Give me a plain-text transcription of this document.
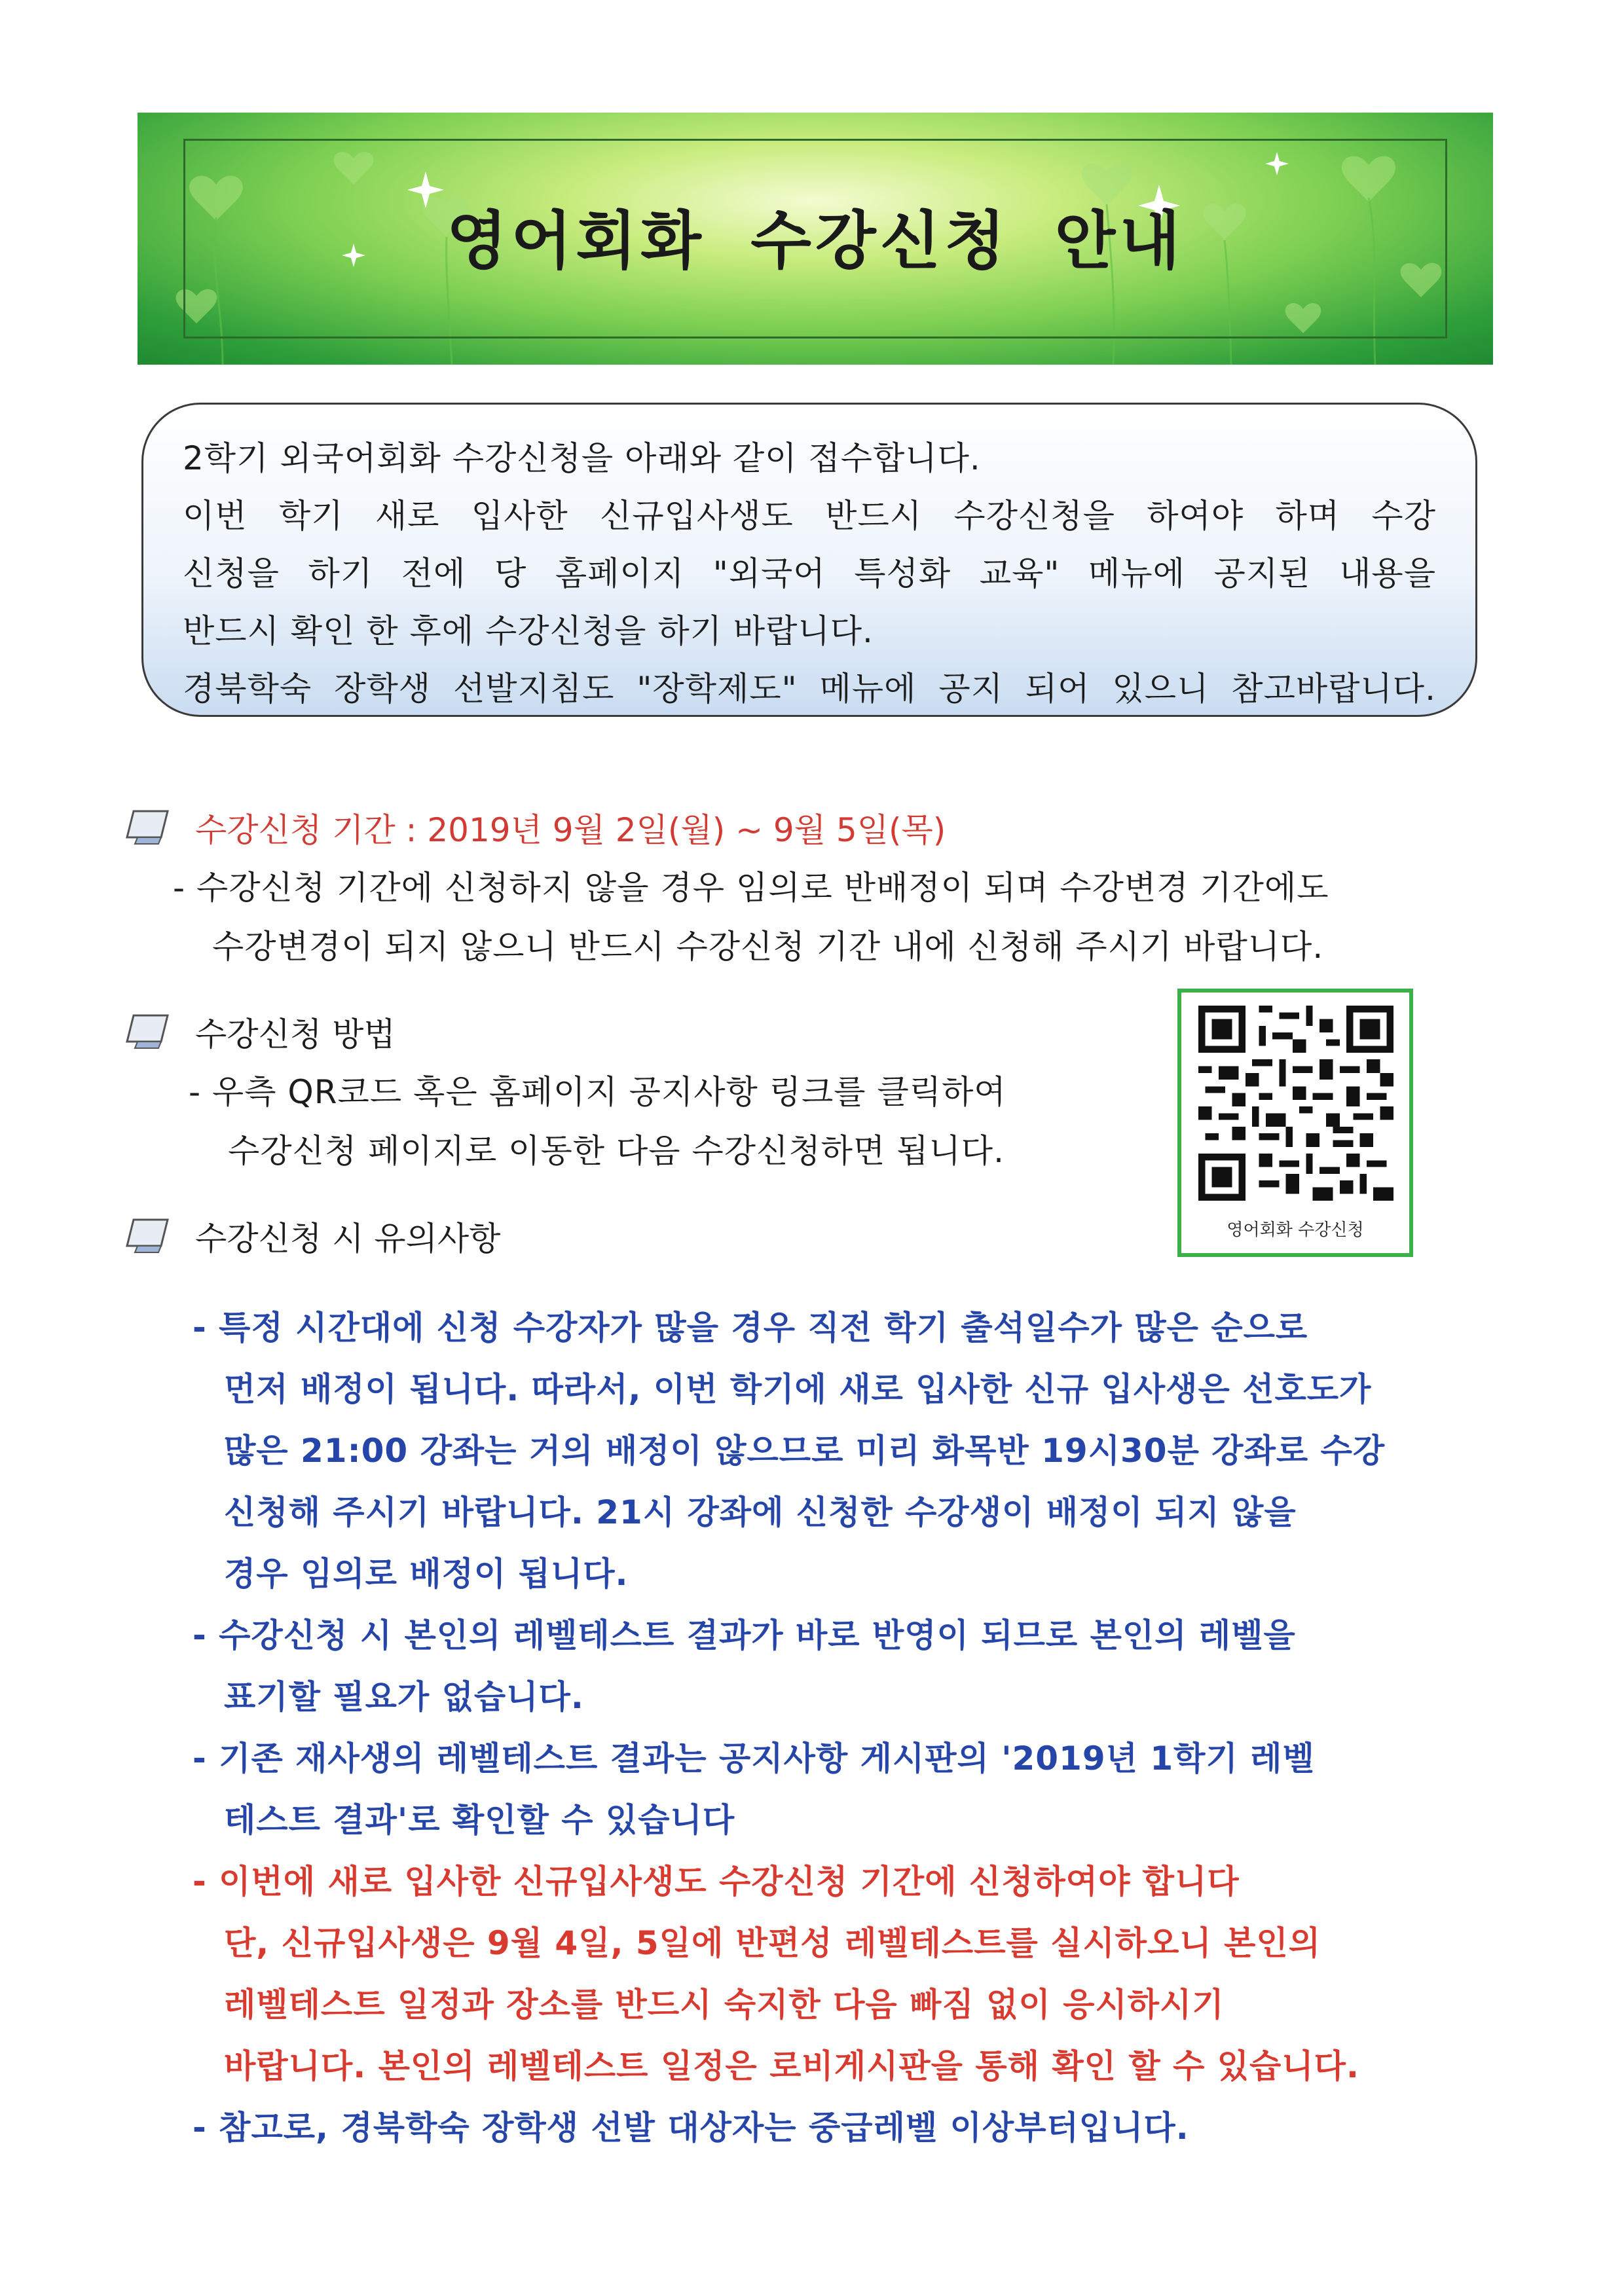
영어회화 수강신청 안내

2학기 외국어회화 수강신청을 아래와 같이 접수합니다.

이번 학기 새로 입사한 신규입사생도 반드시 수강신청을 하여야 하며 수강

신청을 하기 전에 당 홈페이지 "외국어 특성화 교육" 메뉴에 공지된 내용을

반드시 확인 한 후에 수강신청을 하기 바랍니다.

경북학숙 장학생 선발지침도 "장학제도" 메뉴에 공지 되어 있으니 참고바랍니다.

수강신청 기간 : 2019년 9월 2일(월) ~ 9월 5일(목)
- 수강신청 기간에 신청하지 않을 경우 임의로 반배정이 되며 수강변경 기간에도
수강변경이 되지 않으니 반드시 수강신청 기간 내에 신청해 주시기 바랍니다.
수강신청 방법
- 우측 QR코드 혹은 홈페이지 공지사항 링크를 클릭하여
수강신청 페이지로 이동한 다음 수강신청하면 됩니다.
영어회화 수강신청
수강신청 시 유의사항
- 특정 시간대에 신청 수강자가 많을 경우 직전 학기 출석일수가 많은 순으로
먼저 배정이 됩니다. 따라서, 이번 학기에 새로 입사한 신규 입사생은 선호도가
많은 21:00 강좌는 거의 배정이 않으므로 미리 화목반 19시30분 강좌로 수강
신청해 주시기 바랍니다. 21시 강좌에 신청한 수강생이 배정이 되지 않을
경우 임의로 배정이 됩니다.
- 수강신청 시 본인의 레벨테스트 결과가 바로 반영이 되므로 본인의 레벨을
표기할 필요가 없습니다.
- 기존 재사생의 레벨테스트 결과는 공지사항 게시판의 '2019년 1학기 레벨
테스트 결과'로 확인할 수 있습니다
- 이번에 새로 입사한 신규입사생도 수강신청 기간에 신청하여야 합니다
단, 신규입사생은 9월 4일, 5일에 반편성 레벨테스트를 실시하오니 본인의
레벨테스트 일정과 장소를 반드시 숙지한 다음 빠짐 없이 응시하시기
바랍니다. 본인의 레벨테스트 일정은 로비게시판을 통해 확인 할 수 있습니다.
- 참고로, 경북학숙 장학생 선발 대상자는 중급레벨 이상부터입니다.
